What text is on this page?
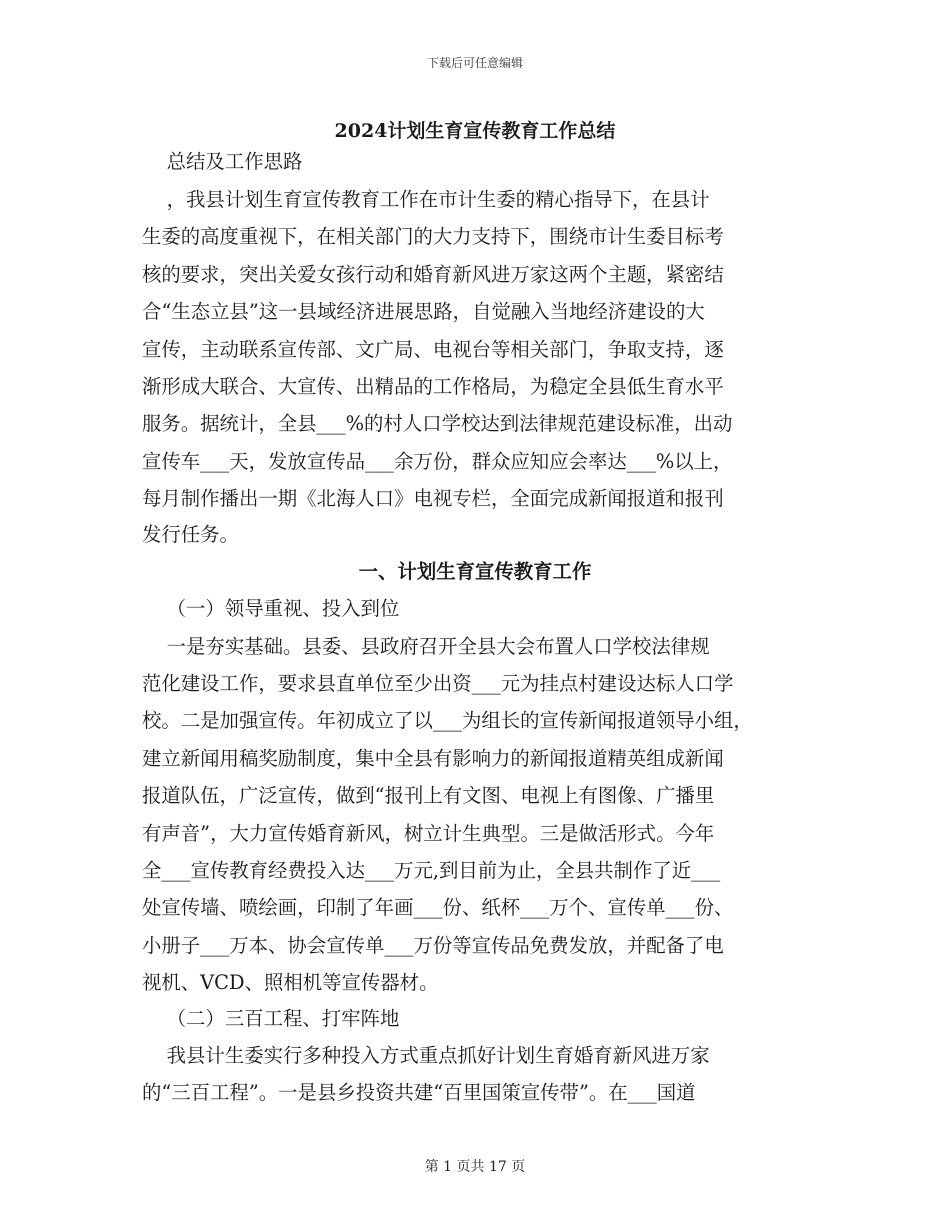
下载后可任意编辑
2024计划生育宣传教育工作总结
总结及工作思路
，我县计划生育宣传教育工作在市计生委的精心指导下，在县计
生委的高度重视下，在相关部门的大力支持下，围绕市计生委目标考
核的要求，突出关爱女孩行动和婚育新风进万家这两个主题，紧密结
合“生态立县”这一县域经济进展思路，自觉融入当地经济建设的大
宣传，主动联系宣传部、文广局、电视台等相关部门，争取支持，逐
渐形成大联合、大宣传、出精品的工作格局，为稳定全县低生育水平
服务。据统计，全县___%的村人口学校达到法律规范建设标准，出动
宣传车___天，发放宣传品___余万份，群众应知应会率达___%以上，
每月制作播出一期《北海人口》电视专栏，全面完成新闻报道和报刊
发行任务。
一、计划生育宣传教育工作
（一）领导重视、投入到位
一是夯实基础。县委、县政府召开全县大会布置人口学校法律规
范化建设工作，要求县直单位至少出资___元为挂点村建设达标人口学
校。二是加强宣传。年初成立了以___为组长的宣传新闻报道领导小组，
建立新闻用稿奖励制度，集中全县有影响力的新闻报道精英组成新闻
报道队伍，广泛宣传，做到“报刊上有文图、电视上有图像、广播里
有声音”，大力宣传婚育新风，树立计生典型。三是做活形式。今年
全___宣传教育经费投入达___万元,到目前为止，全县共制作了近___
处宣传墙、喷绘画，印制了年画___份、纸杯___万个、宣传单___份、
小册子___万本、协会宣传单___万份等宣传品免费发放，并配备了电
视机、VCD、照相机等宣传器材。
（二）三百工程、打牢阵地
我县计生委实行多种投入方式重点抓好计划生育婚育新风进万家
的“三百工程”。一是县乡投资共建“百里国策宣传带”。在___国道
第 1 页共 17 页
